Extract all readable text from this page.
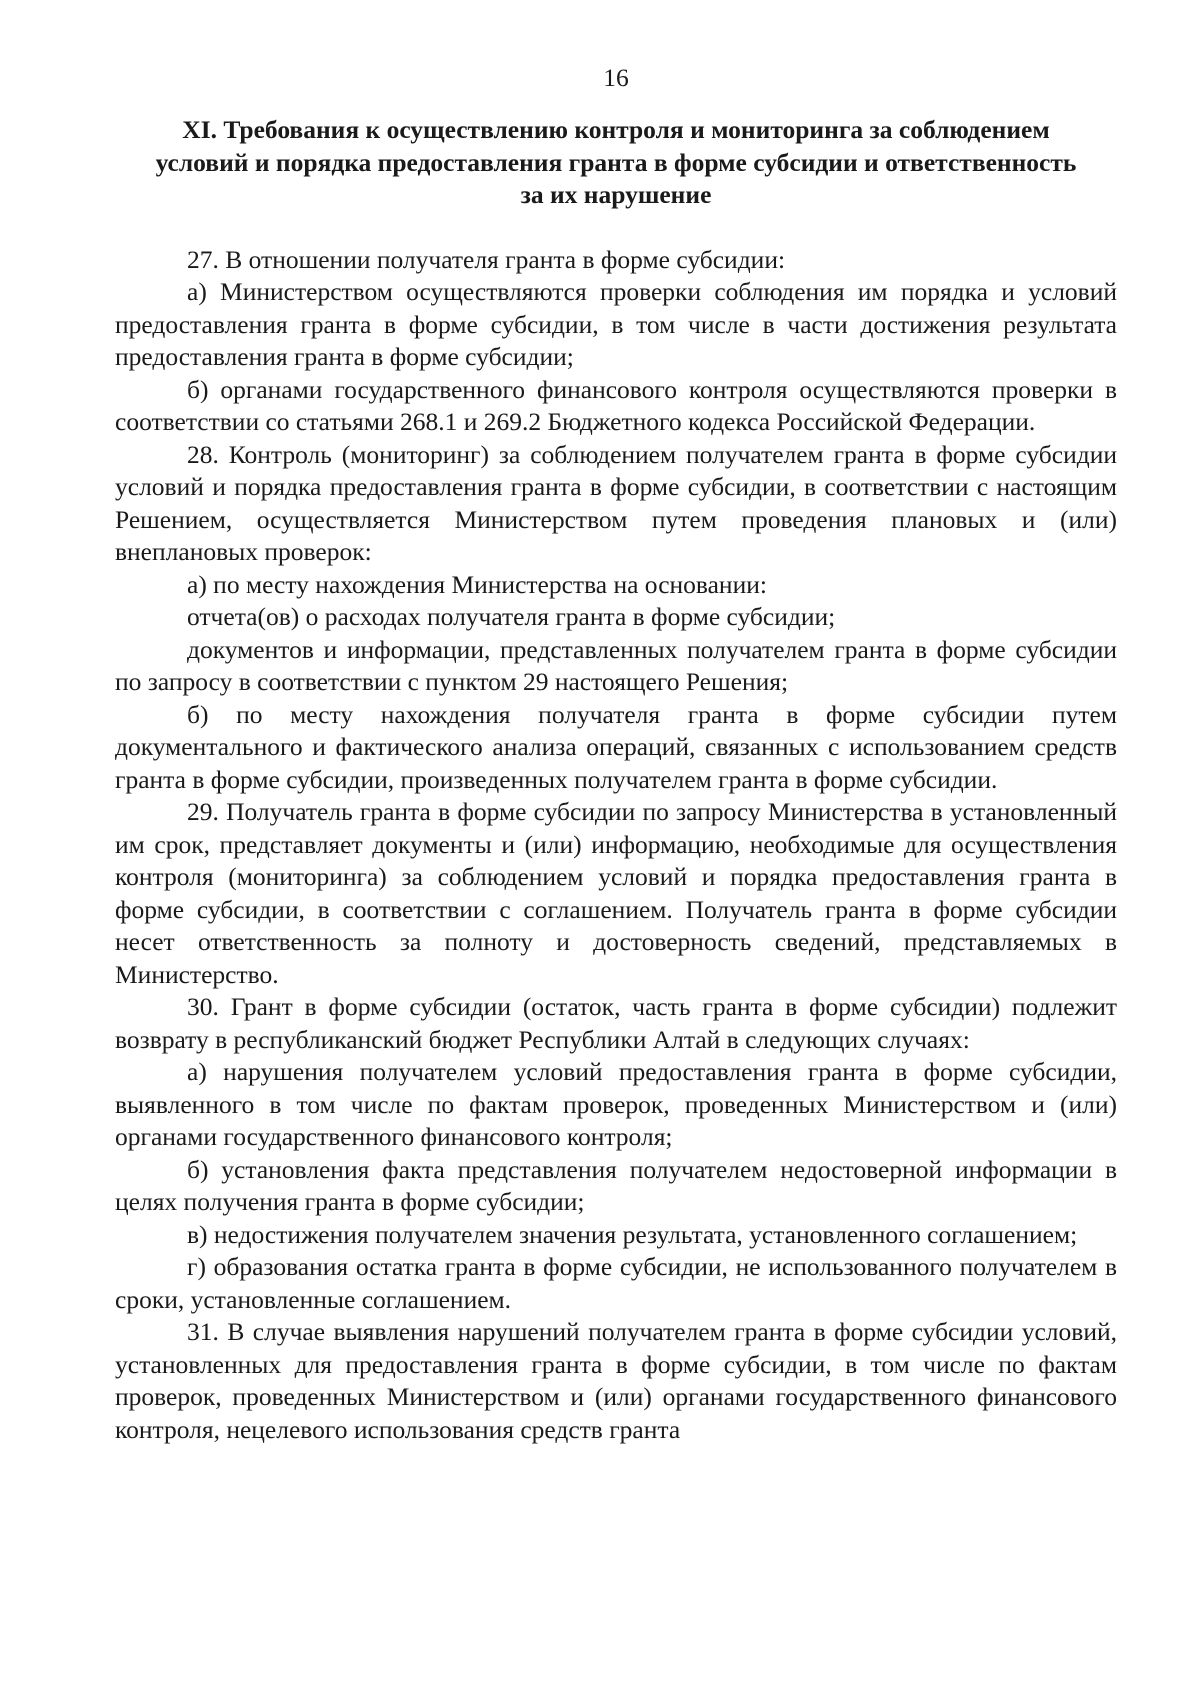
16
XI. Требования к осуществлению контроля и мониторинга за соблюдением
условий и порядка предоставления гранта в форме субсидии и ответственность
за их нарушение

27. В отношении получателя гранта в форме субсидии:

а) Министерством осуществляются проверки соблюдения им порядка и условий предоставления гранта в форме субсидии, в том числе в части достижения результата предоставления гранта в форме субсидии;

б) органами государственного финансового контроля осуществляются проверки в соответствии со статьями 268.1 и 269.2 Бюджетного кодекса Российской Федерации.

28. Контроль (мониторинг) за соблюдением получателем гранта в форме субсидии условий и порядка предоставления гранта в форме субсидии, в соответствии с настоящим Решением, осуществляется Министерством путем проведения плановых и (или) внеплановых проверок:

а) по месту нахождения Министерства на основании:

отчета(ов) о расходах получателя гранта в форме субсидии;

документов и информации, представленных получателем гранта в форме субсидии по запросу в соответствии с пунктом 29 настоящего Решения;

б) по месту нахождения получателя гранта в форме субсидии путем документального и фактического анализа операций, связанных с использованием средств гранта в форме субсидии, произведенных получателем гранта в форме субсидии.

29. Получатель гранта в форме субсидии по запросу Министерства в установленный им срок, представляет документы и (или) информацию, необходимые для осуществления контроля (мониторинга) за соблюдением условий и порядка предоставления гранта в форме субсидии, в соответствии с соглашением. Получатель гранта в форме субсидии несет ответственность за полноту и достоверность сведений, представляемых в Министерство.

30. Грант в форме субсидии (остаток, часть гранта в форме субсидии) подлежит возврату в республиканский бюджет Республики Алтай в следующих случаях:

а) нарушения получателем условий предоставления гранта в форме субсидии, выявленного в том числе по фактам проверок, проведенных Министерством и (или) органами государственного финансового контроля;

б) установления факта представления получателем недостоверной информации в целях получения гранта в форме субсидии;

в) недостижения получателем значения результата, установленного соглашением;

г) образования остатка гранта в форме субсидии, не использованного получателем в сроки, установленные соглашением.

31. В случае выявления нарушений получателем гранта в форме субсидии условий, установленных для предоставления гранта в форме субсидии, в том числе по фактам проверок, проведенных Министерством и (или) органами государственного финансового контроля, нецелевого использования средств гранта
